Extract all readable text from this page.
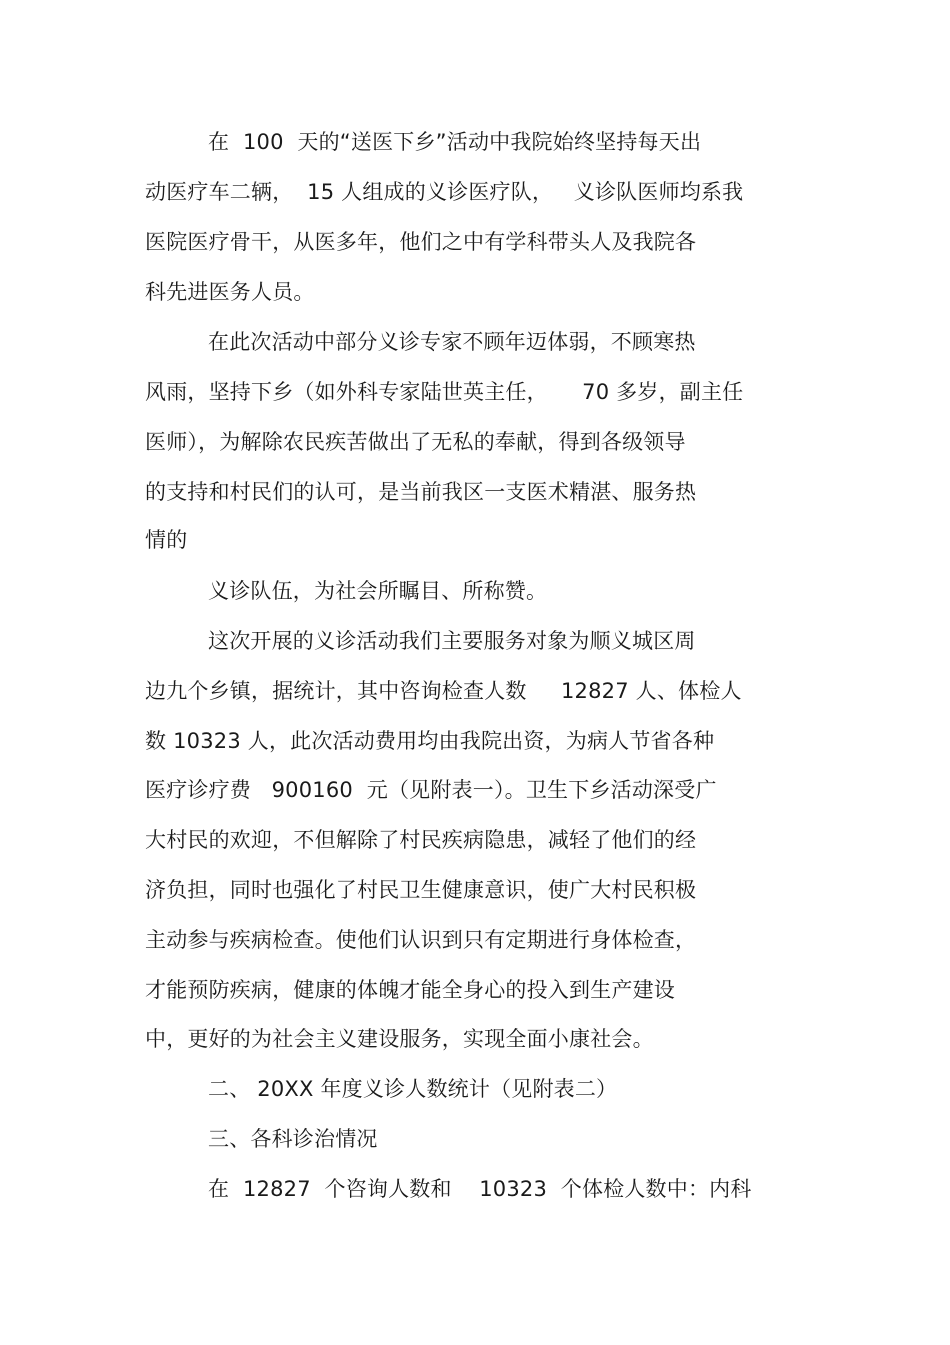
在  100  天的“送医下乡”活动中我院始终坚持每天出
动医疗车二辆，  15 人组成的义诊医疗队，   义诊队医师均系我
医院医疗骨干，从医多年，他们之中有学科带头人及我院各
科先进医务人员。
在此次活动中部分义诊专家不顾年迈体弱，不顾寒热
风雨，坚持下乡（如外科专家陆世英主任，     70 多岁，副主任
医师），为解除农民疾苦做出了无私的奉献，得到各级领导
的支持和村民们的认可，是当前我区一支医术精湛、服务热
情的
义诊队伍，为社会所瞩目、所称赞。
这次开展的义诊活动我们主要服务对象为顺义城区周
边九个乡镇，据统计，其中咨询检查人数     12827 人、体检人
数 10323 人，此次活动费用均由我院出资，为病人节省各种
医疗诊疗费   900160  元（见附表一）。卫生下乡活动深受广
大村民的欢迎，不但解除了村民疾病隐患，减轻了他们的经
济负担，同时也强化了村民卫生健康意识，使广大村民积极
主动参与疾病检查。使他们认识到只有定期进行身体检查，
才能预防疾病，健康的体魄才能全身心的投入到生产建设
中，更好的为社会主义建设服务，实现全面小康社会。
二、 20XX 年度义诊人数统计（见附表二）
三、各科诊治情况
在  12827  个咨询人数和    10323  个体检人数中：内科
